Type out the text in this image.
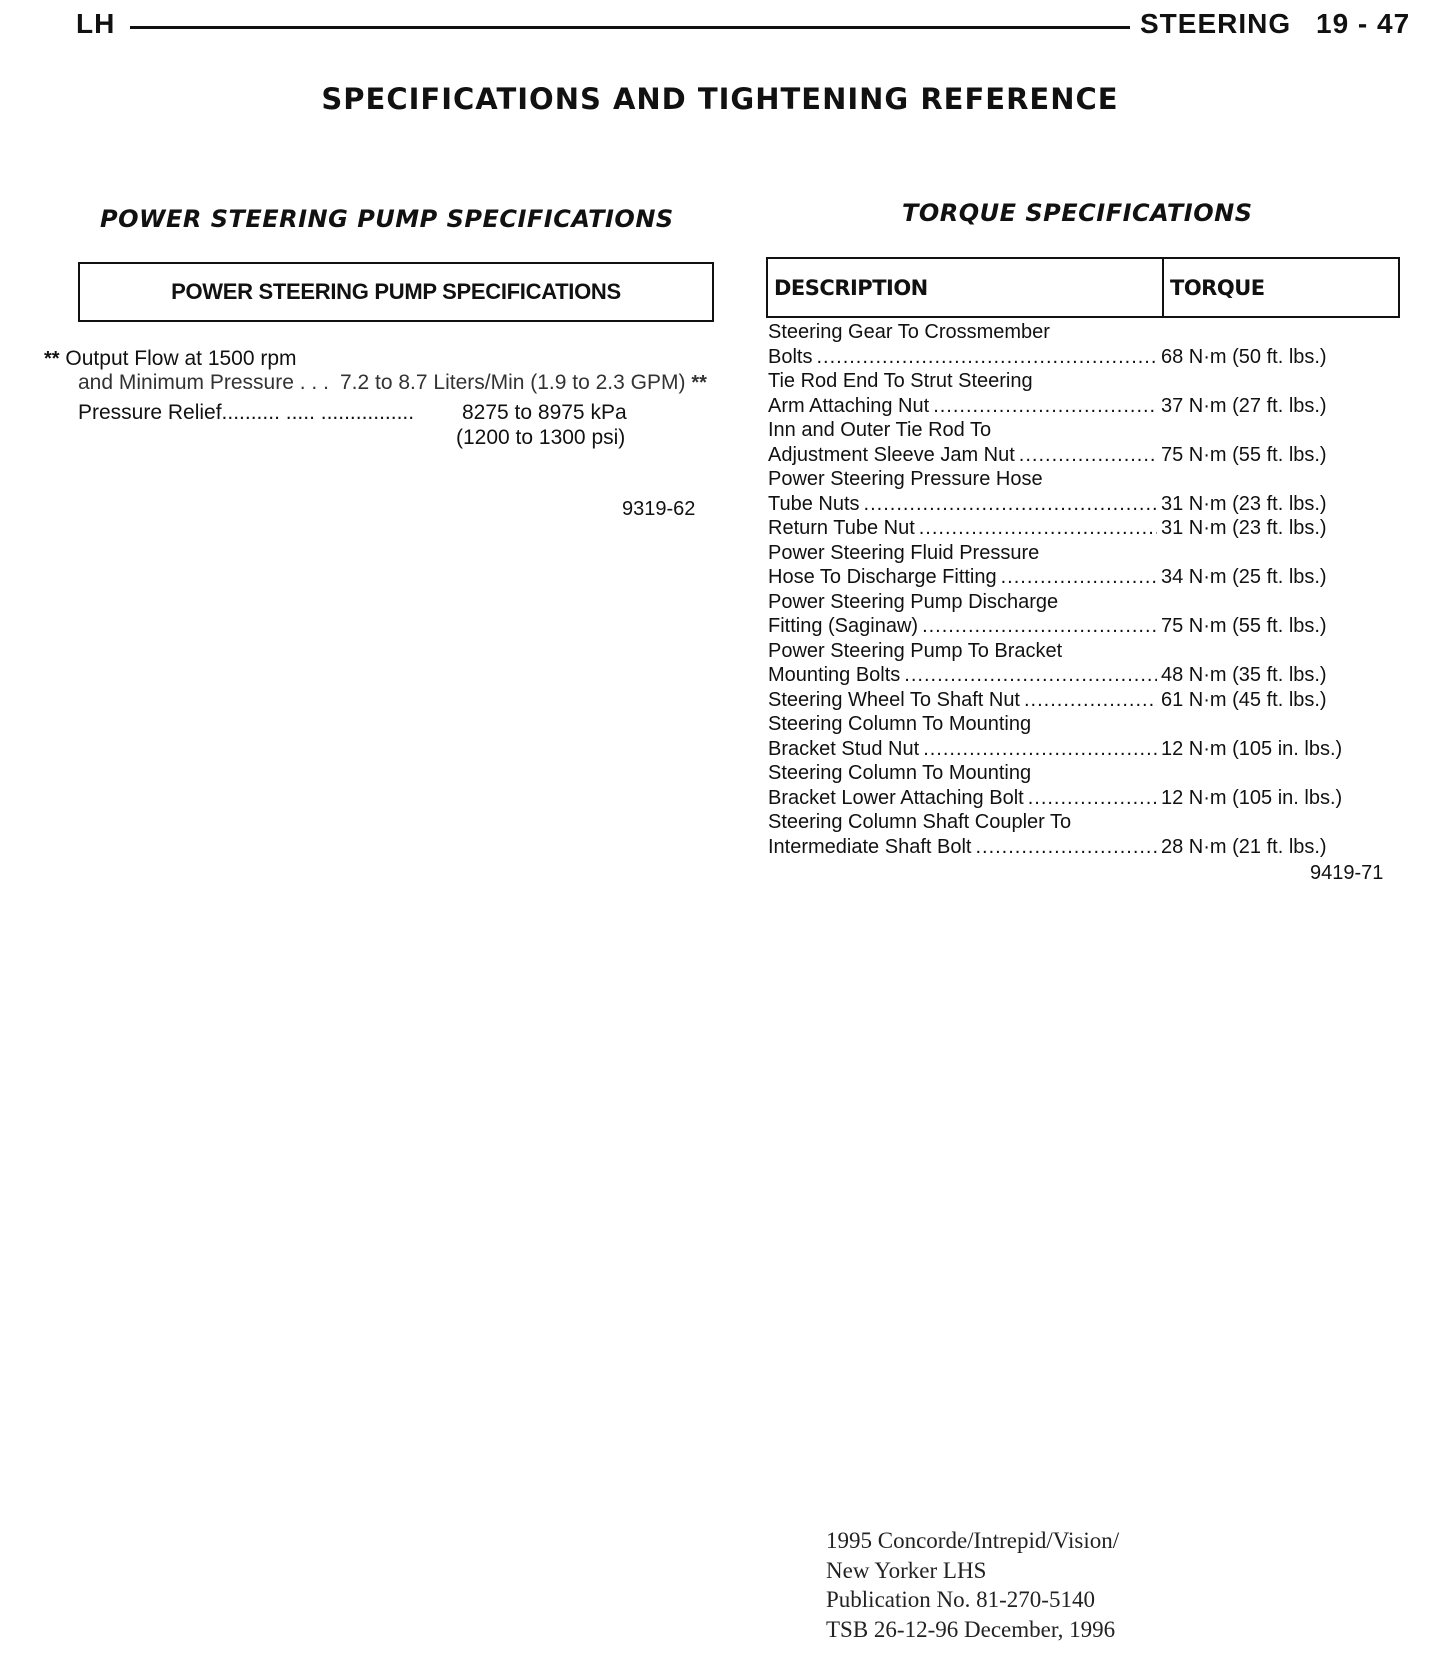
LH	STEERING 19 - 47
SPECIFICATIONS AND TIGHTENING REFERENCE
POWER STEERING PUMP SPECIFICATIONS
POWER STEERING PUMP SPECIFICATIONS
** Output Flow at 1500 rpm
and Minimum Pressure . . . 7.2 to 8.7 Liters/Min (1.9 to 2.3 GPM) **
Pressure Relief.......... ..... ................	8275 to 8975 kPa
(1200 to 1300 psi)
9319-62
TORQUE SPECIFICATIONS
DESCRIPTION	TORQUE
Steering Gear To Crossmember
Bolts .....	68 N·m (50 ft. lbs.)
Tie Rod End To Strut Steering
Arm Attaching Nut .....	37 N·m (27 ft. lbs.)
Inn and Outer Tie Rod To
Adjustment Sleeve Jam Nut .....	75 N·m (55 ft. lbs.)
Power Steering Pressure Hose
Tube Nuts .....	31 N·m (23 ft. lbs.)
Return Tube Nut .....	31 N·m (23 ft. lbs.)
Power Steering Fluid Pressure
Hose To Discharge Fitting .....	34 N·m (25 ft. lbs.)
Power Steering Pump Discharge
Fitting (Saginaw) .....	75 N·m (55 ft. lbs.)
Power Steering Pump To Bracket
Mounting Bolts .....	48 N·m (35 ft. lbs.)
Steering Wheel To Shaft Nut .....	61 N·m (45 ft. lbs.)
Steering Column To Mounting
Bracket Stud Nut .....	12 N·m (105 in. lbs.)
Steering Column To Mounting
Bracket Lower Attaching Bolt .....	12 N·m (105 in. lbs.)
Steering Column Shaft Coupler To
Intermediate Shaft Bolt .....	28 N·m (21 ft. lbs.)
9419-71
1995 Concorde/Intrepid/Vision/
New Yorker LHS
Publication No. 81-270-5140
TSB 26-12-96 December, 1996
